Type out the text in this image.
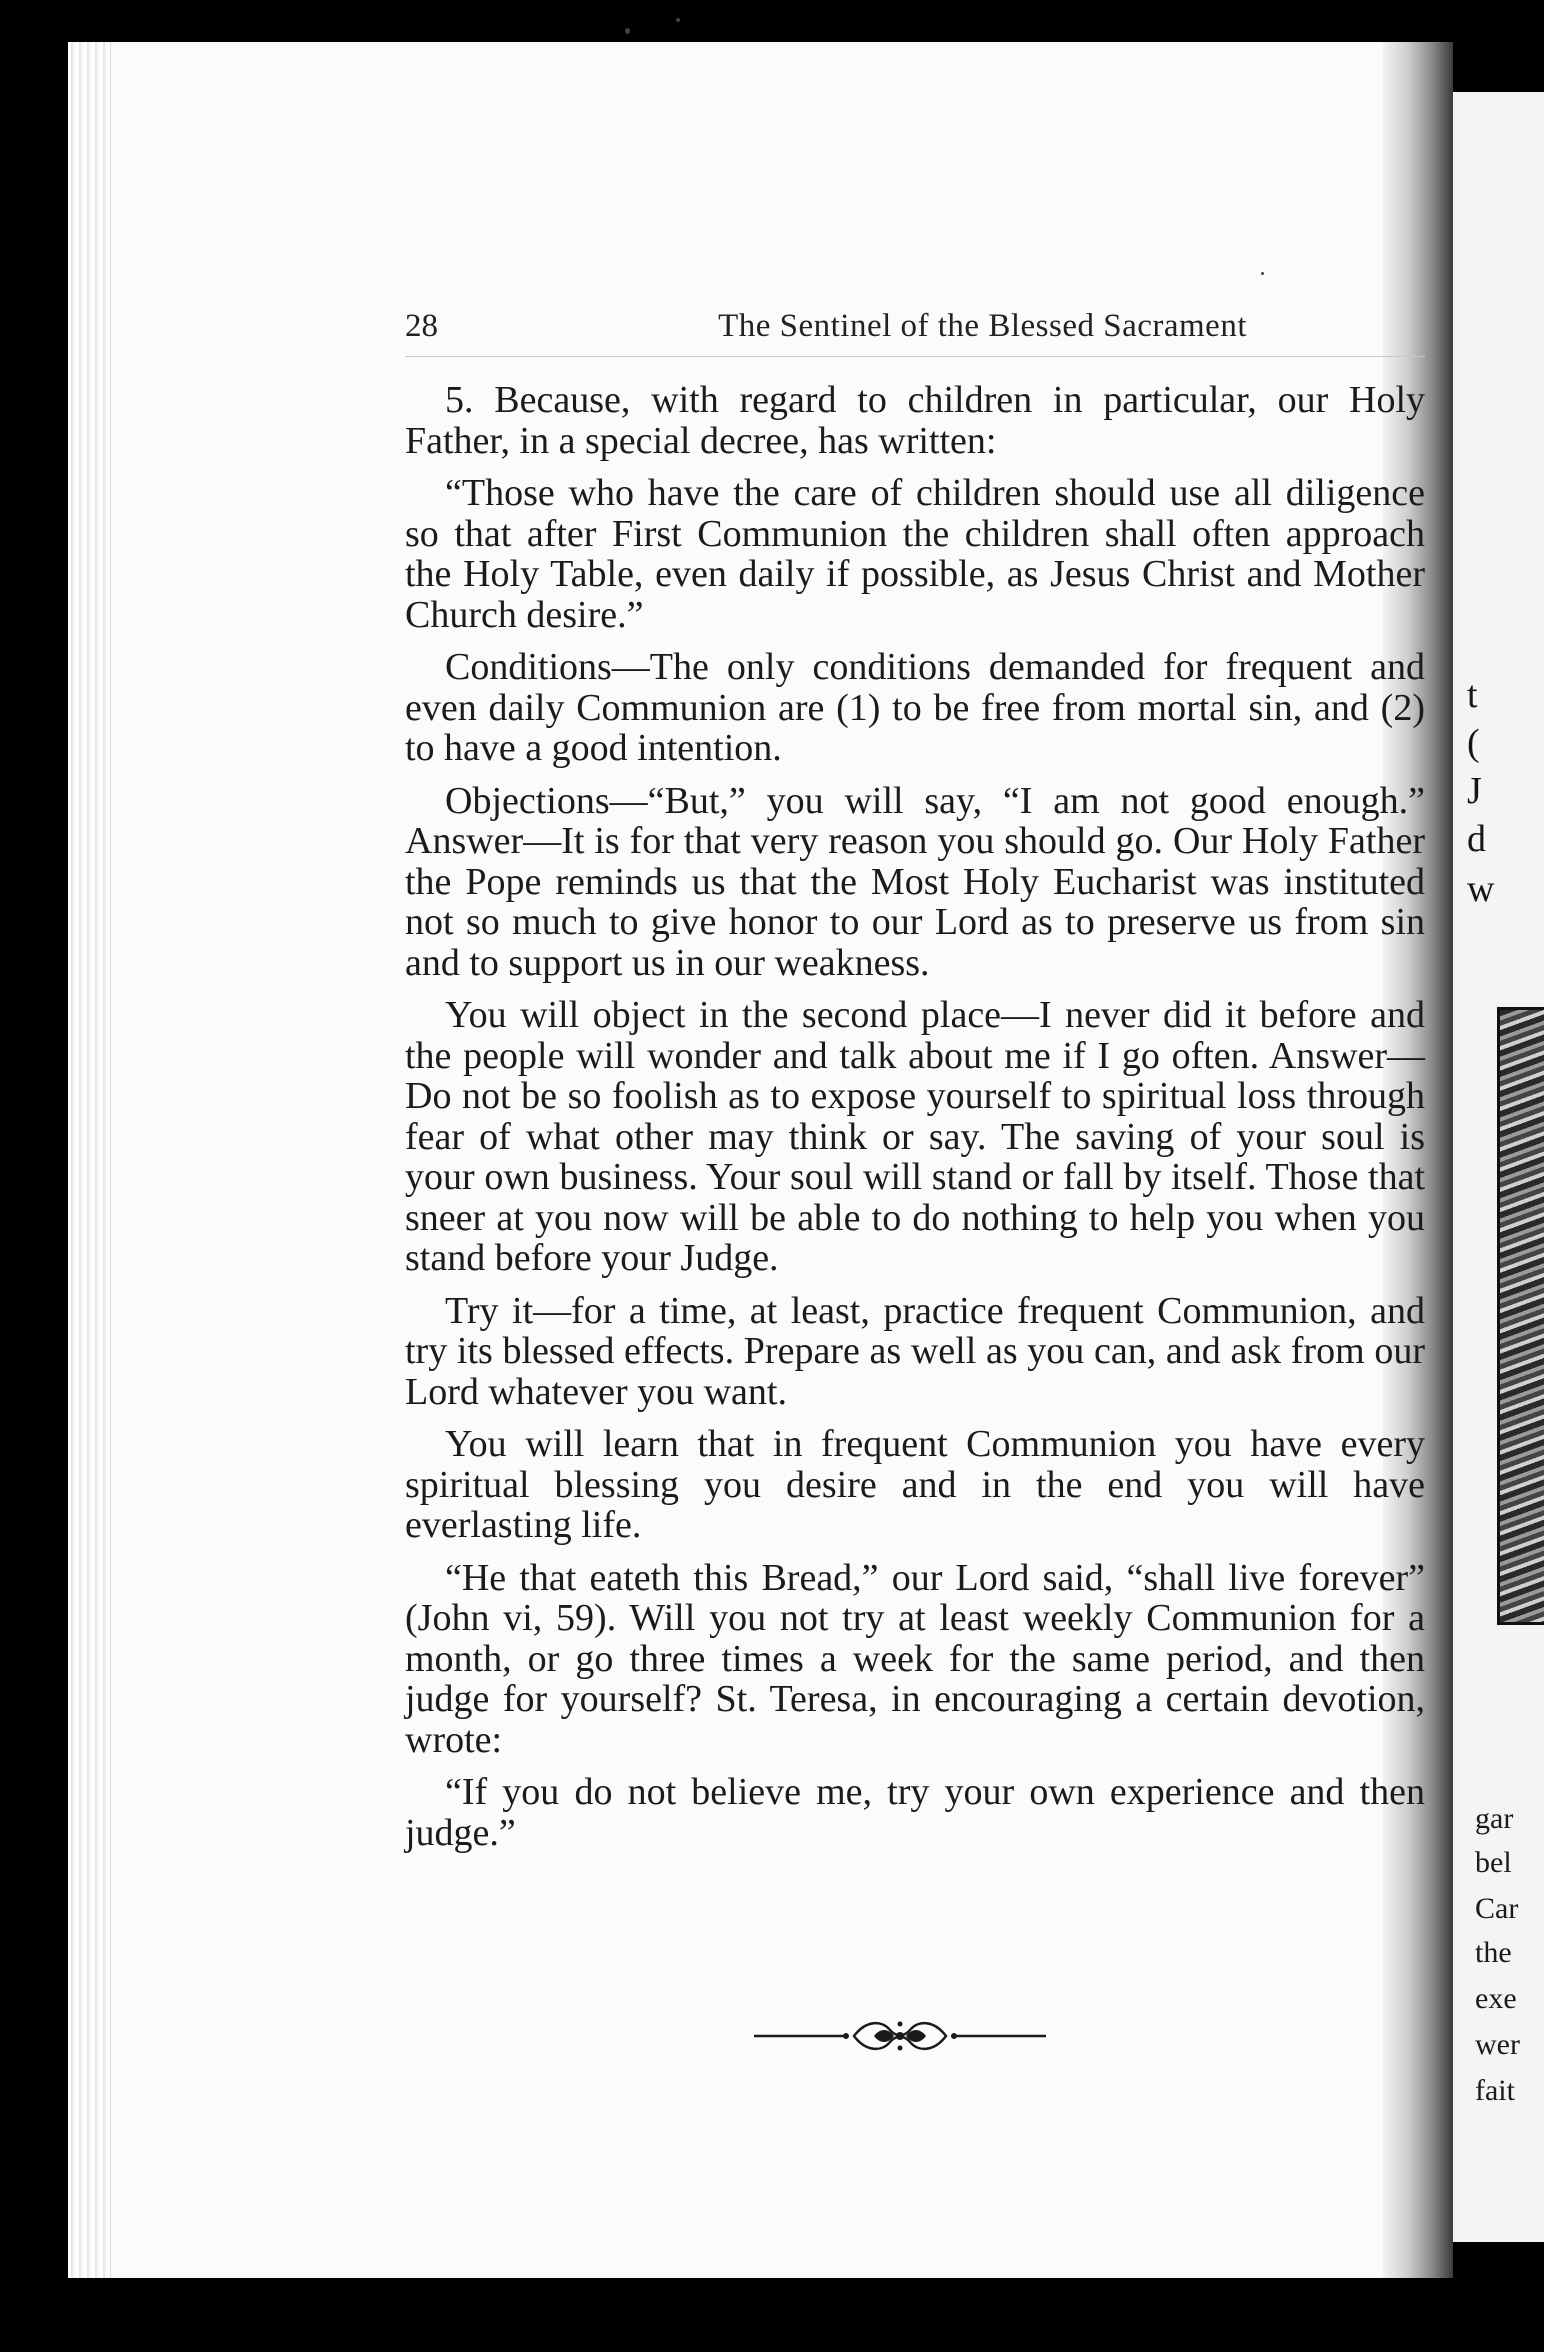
t
(
J
d
w
gar
bel
Car
the
exe
wer
fait
28	The Sentinel of the Blessed Sacrament

5. Because, with regard to children in particular, our Holy Father, in a special decree, has written:

“Those who have the care of children should use all diligence so that after First Communion the children shall often approach the Holy Table, even daily if possible, as Jesus Christ and Mother Church desire.”

Conditions—The only conditions demanded for frequent and even daily Communion are (1) to be free from mortal sin, and (2) to have a good intention.

Objections—“But,” you will say, “I am not good enough.” Answer—It is for that very reason you should go. Our Holy Father the Pope reminds us that the Most Holy Eucharist was instituted not so much to give honor to our Lord as to preserve us from sin and to support us in our weakness.

You will object in the second place—I never did it before and the people will wonder and talk about me if I go often. Answer—Do not be so foolish as to expose yourself to spiritual loss through fear of what other may think or say. The saving of your soul is your own business. Your soul will stand or fall by itself. Those that sneer at you now will be able to do nothing to help you when you stand before your Judge.

Try it—for a time, at least, practice frequent Communion, and try its blessed effects. Prepare as well as you can, and ask from our Lord whatever you want.

You will learn that in frequent Communion you have every spiritual blessing you desire and in the end you will have everlasting life.

“He that eateth this Bread,” our Lord said, “shall live forever” (John vi, 59). Will you not try at least weekly Communion for a month, or go three times a week for the same period, and then judge for yourself? St. Teresa, in encouraging a certain devotion, wrote:

“If you do not believe me, try your own experience and then judge.”
